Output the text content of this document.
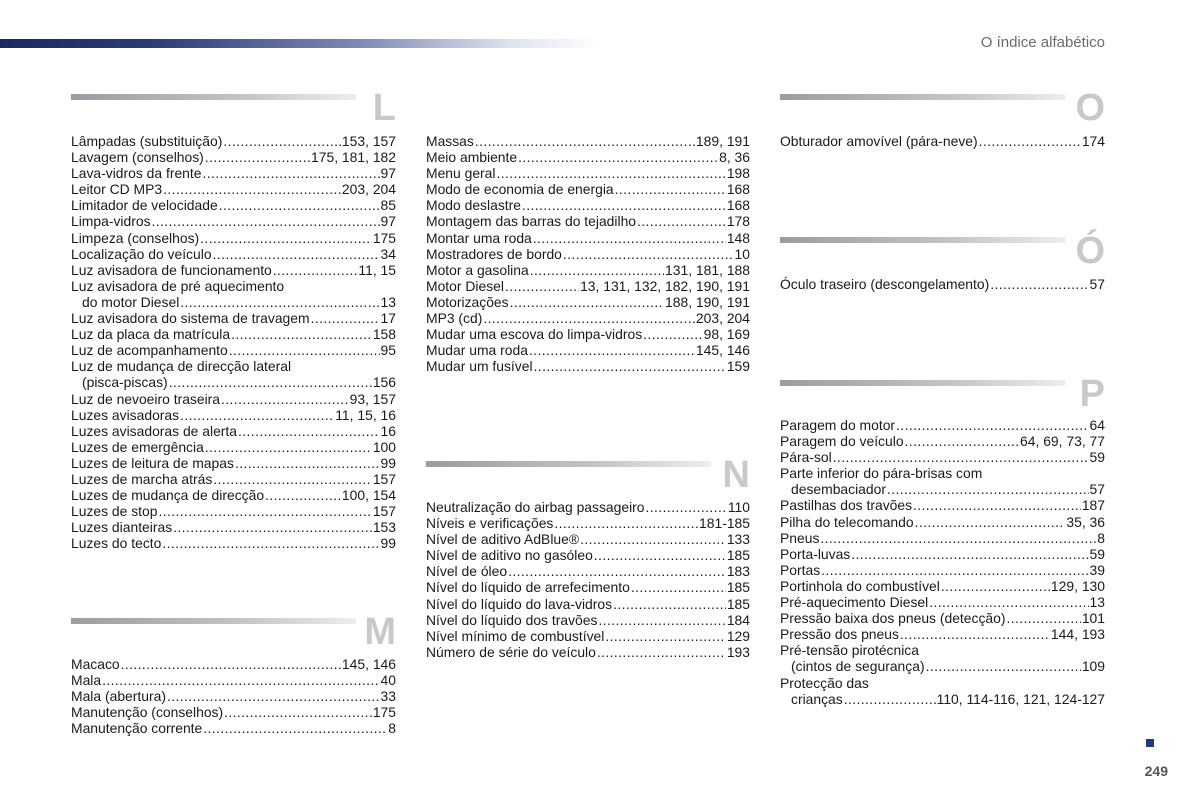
O índice alfabético
L
Lâmpadas (substituição) .....	153, 157
Lavagem (conselhos) .....	175, 181, 182
Lava-vidros da frente .....	97
Leitor CD MP3 .....	203, 204
Limitador de velocidade .....	85
Limpa-vidros .....	97
Limpeza (conselhos) .....	175
Localização do veículo .....	34
Luz avisadora de funcionamento .....	11, 15
Luz avisadora de pré aquecimento
do motor Diesel .....	13
Luz avisadora do sistema de travagem .....	17
Luz da placa da matrícula .....	158
Luz de acompanhamento .....	95
Luz de mudança de direcção lateral
(pisca-piscas) .....	156
Luz de nevoeiro traseira .....	93, 157
Luzes avisadoras .....	11, 15, 16
Luzes avisadoras de alerta .....	16
Luzes de emergência .....	100
Luzes de leitura de mapas .....	99
Luzes de marcha atrás .....	157
Luzes de mudança de direcção .....	100, 154
Luzes de stop .....	157
Luzes dianteiras .....	153
Luzes do tecto .....	99
M
Macaco .....	145, 146
Mala .....	40
Mala (abertura) .....	33
Manutenção (conselhos) .....	175
Manutenção corrente .....	8
Massas .....	189, 191
Meio ambiente .....	8, 36
Menu geral .....	198
Modo de economia de energia .....	168
Modo deslastre .....	168
Montagem das barras do tejadilho .....	178
Montar uma roda .....	148
Mostradores de bordo .....	10
Motor a gasolina .....	131, 181, 188
Motor Diesel .....	13, 131, 132, 182, 190, 191
Motorizações .....	188, 190, 191
MP3 (cd) .....	203, 204
Mudar uma escova do limpa-vidros .....	98, 169
Mudar uma roda .....	145, 146
Mudar um fusível .....	159
N
Neutralização do airbag passageiro .....	110
Níveis e verificações .....	181-185
Nível de aditivo AdBlue® .....	133
Nível de aditivo no gasóleo .....	185
Nível de óleo .....	183
Nível do líquido de arrefecimento .....	185
Nível do líquido do lava-vidros .....	185
Nível do líquido dos travões .....	184
Nível mínimo de combustível .....	129
Número de série do veículo .....	193
O
Obturador amovível (pára-neve) .....	174
Ó
Óculo traseiro (descongelamento) .....	57
P
Paragem do motor .....	64
Paragem do veículo .....	64, 69, 73, 77
Pára-sol .....	59
Parte inferior do pára-brisas com
desembaciador .....	57
Pastilhas dos travões .....	187
Pilha do telecomando .....	35, 36
Pneus .....	8
Porta-luvas .....	59
Portas .....	39
Portinhola do combustível .....	129, 130
Pré-aquecimento Diesel .....	13
Pressão baixa dos pneus (detecção) .....	101
Pressão dos pneus .....	144, 193
Pré-tensão pirotécnica
(cintos de segurança) .....	109
Protecção das
crianças .....	110, 114-116, 121, 124-127
249
